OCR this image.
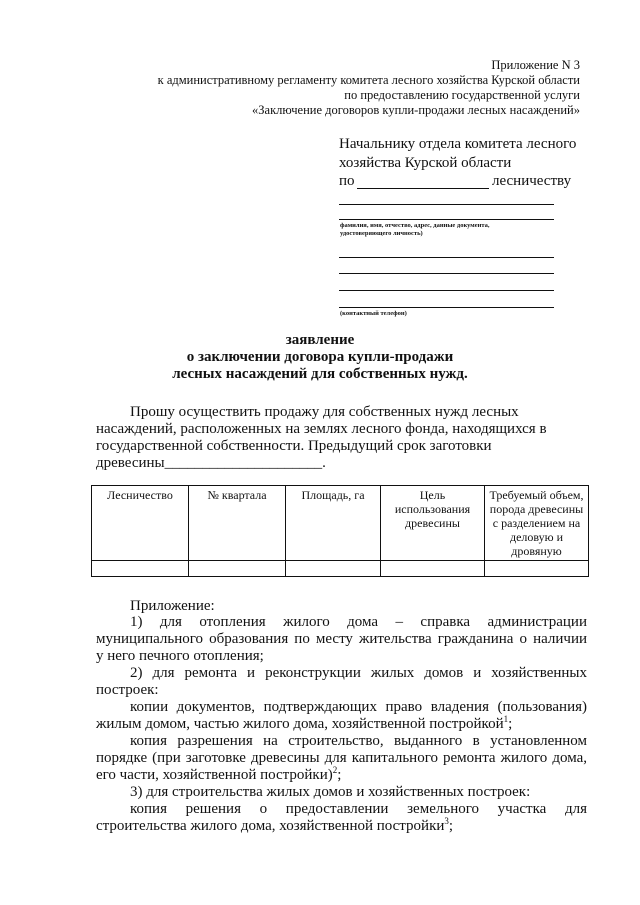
Приложение N 3
к административному регламенту комитета лесного хозяйства Курской области
по предоставлению государственной услуги
«Заключение договоров купли-продажи лесных насаждений»
Начальнику отдела комитета лесного
хозяйства Курской области
по	лесничеству
фамилия, имя, отчество, адрес, данные документа,
удостоверяющего личность)
(контактный телефон)
заявление
о заключении договора купли-продажи
лесных насаждений для собственных нужд.
Прошу осуществить продажу для собственных нужд лесных
насаждений, расположенных на землях лесного фонда, находящихся в
государственной собственности. Предыдущий срок заготовки
древесины_____________________.
Лесничество	№ квартала	Площадь, га	Цель использования древесины	Требуемый объем, порода древесины с разделением на деловую и дровяную

Приложение:
1) для отопления жилого дома – справка администрации
муниципального образования по месту жительства гражданина о наличии
у него печного отопления;
2) для ремонта и реконструкции жилых домов и хозяйственных
построек:
копии документов, подтверждающих право владения (пользования)
жилым домом, частью жилого дома, хозяйственной постройкой$^1$;
копия разрешения на строительство, выданного в установленном
порядке (при заготовке древесины для капитального ремонта жилого дома,
его части, хозяйственной постройки)$^2$;
3) для строительства жилых домов и хозяйственных построек:
копия решения о предоставлении земельного участка для
строительства жилого дома, хозяйственной постройки$^3$;
